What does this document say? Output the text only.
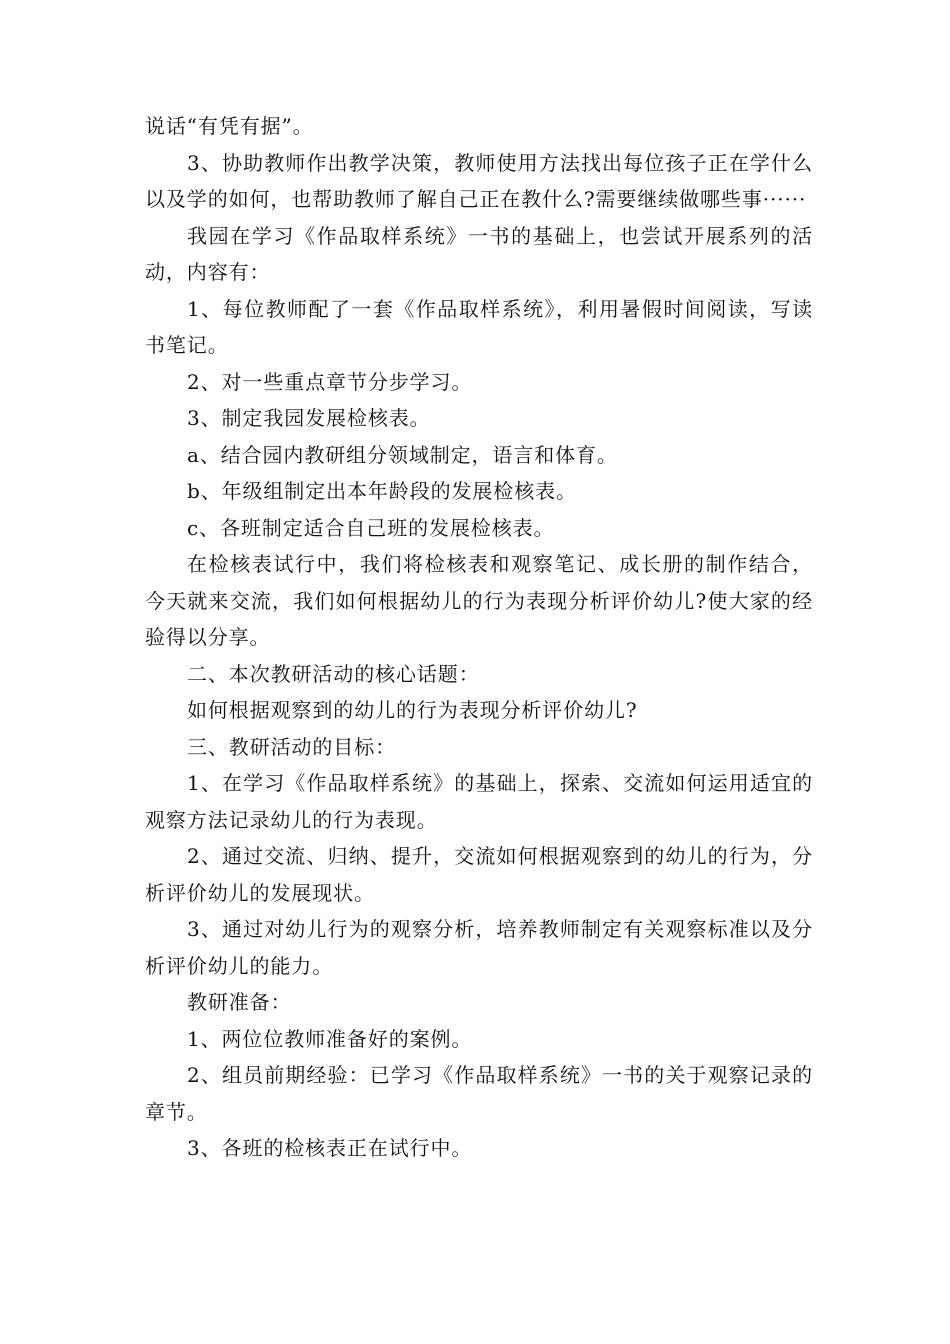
说话“有凭有据”。

3、协助教师作出教学决策，教师使用方法找出每位孩子正在学什么以及学的如何，也帮助教师了解自己正在教什么?需要继续做哪些事······

我园在学习《作品取样系统》一书的基础上，也尝试开展系列的活动，内容有：

1、每位教师配了一套《作品取样系统》，利用暑假时间阅读，写读书笔记。

2、对一些重点章节分步学习。

3、制定我园发展检核表。

a、结合园内教研组分领域制定，语言和体育。

b、年级组制定出本年龄段的发展检核表。

c、各班制定适合自己班的发展检核表。

在检核表试行中，我们将检核表和观察笔记、成长册的制作结合，今天就来交流，我们如何根据幼儿的行为表现分析评价幼儿?使大家的经验得以分享。

二、本次教研活动的核心话题：

如何根据观察到的幼儿的行为表现分析评价幼儿?

三、教研活动的目标：

1、在学习《作品取样系统》的基础上，探索、交流如何运用适宜的观察方法记录幼儿的行为表现。

2、通过交流、归纳、提升，交流如何根据观察到的幼儿的行为，分析评价幼儿的发展现状。

3、通过对幼儿行为的观察分析，培养教师制定有关观察标准以及分析评价幼儿的能力。

教研准备：

1、两位位教师准备好的案例。

2、组员前期经验：已学习《作品取样系统》一书的关于观察记录的章节。

3、各班的检核表正在试行中。
